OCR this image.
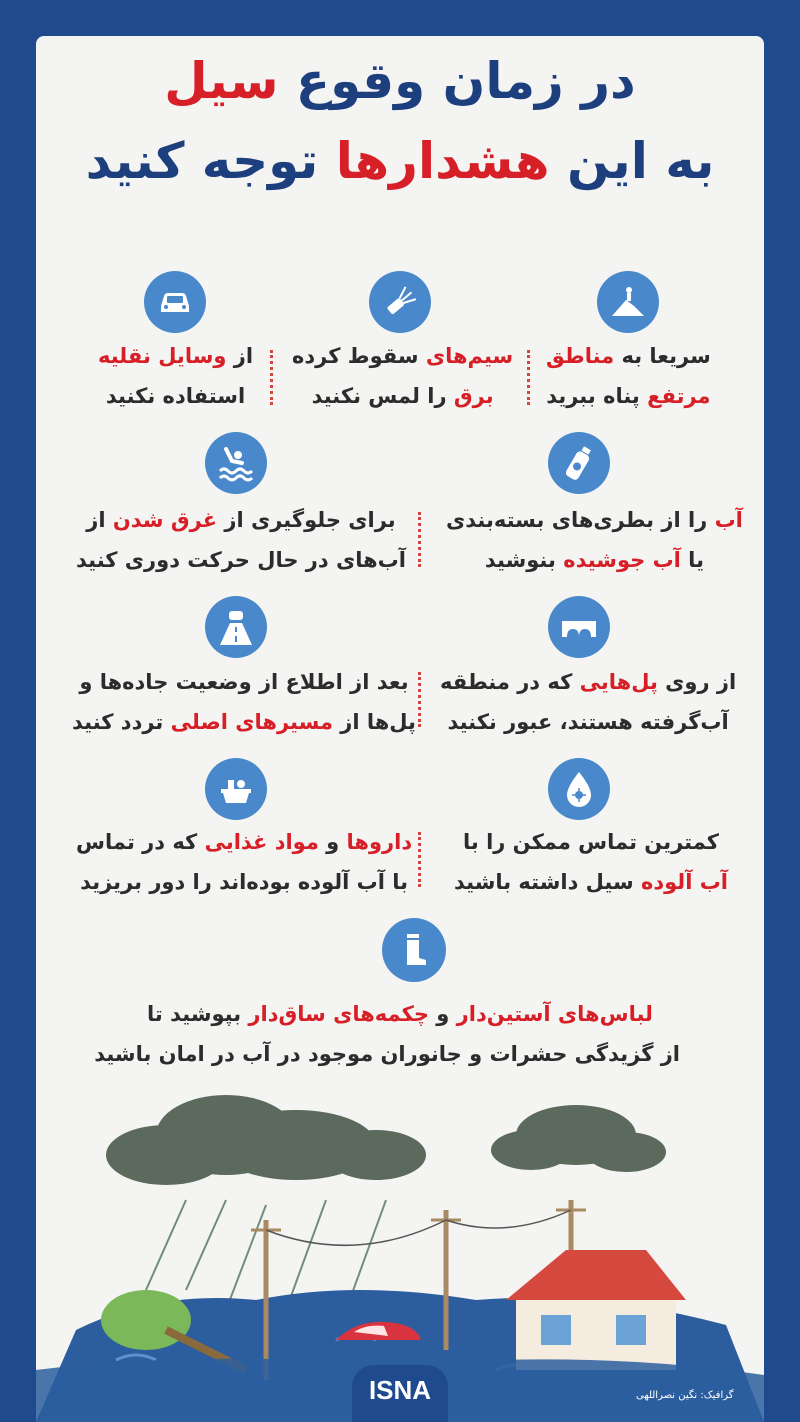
در زمان وقوع سیل
به این هشدارها توجه کنید
سریعا به مناطق
مرتفع پناه ببرید
سیم‌های سقوط کرده
برق را لمس نکنید
از وسایل نقلیه
استفاده نکنید
آب را از بطری‌های بسته‌بندی
یا آب جوشیده بنوشید
برای جلوگیری از غرق شدن از
آب‌های در حال حرکت دوری کنید
از روی پل‌هایی که در منطقه
آب‌گرفته هستند، عبور نکنید
بعد از اطلاع از وضعیت جاده‌ها و
پل‌ها از مسیرهای اصلی تردد کنید
کمترین تماس ممکن را با
آب آلوده سیل داشته باشید
داروها و مواد غذایی که در تماس
با آب آلوده بوده‌اند را دور بریزید
لباس‌های آستین‌دار و چکمه‌های ساق‌دار بپوشید تا
از گزیدگی حشرات و جانوران موجود در آب در امان باشید
ISNA	گرافیک: نگین نصراللهی
